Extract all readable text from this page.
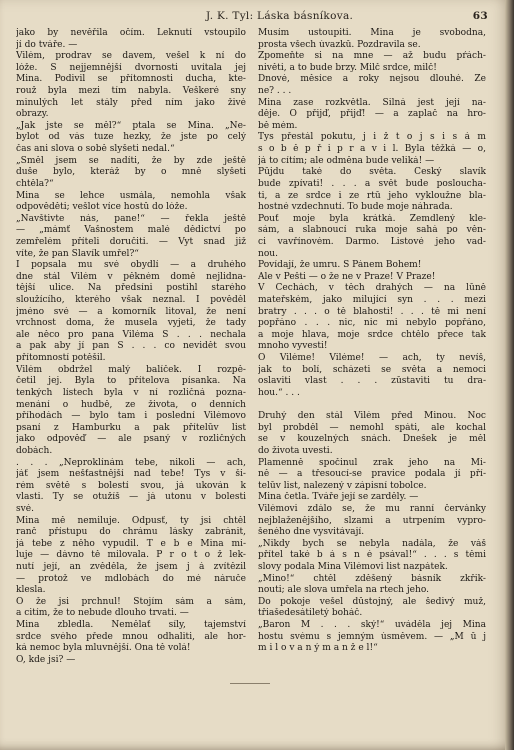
J. K. Tyl: Láska básníkova.	63
jako by nevěřila očím. Leknutí vstoupilo
jí do tváře. —
Vilém, prodrav se davem, vešel k ní do
lóže. S nejjemnější dvornosti uvítala jej
Mina. Podivil se přítomnosti ducha, kte-
rouž byla mezi tím nabyla. Veškeré sny
minulých let stály před ním jako živé
obrazy.
„Jak jste se měl?“ ptala se Mina. „Ne-
bylot od vás tuze hezky, že jste po celý
čas ani slova o sobě slyšeti nedal.“
„Směl jsem se nadíti, že by zde ještě
duše bylo, kteráž by o mně slyšeti
chtěla?“
Mina se lehce usmála, nemohla však
odpověděti; vešlot více hostů do lóže.
„Navštivte nás, pane!“ — řekla ještě
— „mámť Vašnostem malé dědictví po
zemřelém příteli doručiti. — Vyt snad již
víte, že pan Slavík umřel?“
I popsala mu své obydlí — a druhého
dne stál Vilém v pěkném domě nejlidna-
tější ulice. Na předsíni postihl starého
sloužícího, kterého však neznal. I pověděl
jméno své — a komorník litoval, že není
vrchnost doma, že musela vyjeti, že tady
ale něco pro pana Viléma S . . . nechala
a pak aby jí pan S . . . co nevidět svou
přítomností potěšil.
Vilém obdržel malý balíček. I rozpě-
četil jej. Byla to přítelova písanka. Na
tenkých lístech byla v ní rozličná pozna-
menání o hudbě, ze života, o denních
příhodách — bylo tam i poslední Vilémovo
psaní z Hamburku a pak přítelův list
jako odpověď — ale psaný v rozličných
dobách.
. . . „Neproklínám tebe, nikoli — ach,
jáť jsem nešťastnější nad tebe! Tys v ši-
rém světě s bolestí svou, já ukován k
vlasti. Ty se otužíš — já utonu v bolesti
své.
Mina mě nemiluje. Odpusť, ty jsi chtěl
ranč přístupu do chrámu lásky zabránit,
já tebe z něho vypudil. T e b e Mina mi-
luje — dávno tě milovala. P r o t o ž lek-
nutí její, an zvěděla, že jsem j á zvítězil
— protož ve mdlobách do mé náruče
klesla.
O že jsi prchnul! Stojím sám a sám,
a citím, že to nebude dlouho trvati. —
Mina zbledla. Nemělať síly, tajemství
srdce svého přede mnou odhaliti, ale hor-
ká nemoc byla mluvnější. Ona tě volá!
O, kde jsi? —
Musím ustoupiti. Mina je svobodna,
prosta všech úvazků. Pozdravila se.
Zpomeňte si na mne — až budu pŕách-
nivěti, a to bude brzy. Milč srdce, milč!
Dnové, měsíce a roky nejsou dlouhé. Že
ne? . . .
Mina zase rozkvětla. Silná jest její na-
děje. O přijď, přijď! — a zaplač na hro-
bě mém.
Tys přestál pokutu, j i ž t o j s i s á m
s o b ě p ř i p r a v i l. Byla těžká — o,
já to cítím; ale odměna bude veliká! —
Půjdu také do světa. Český slavík
bude zpívati! . . . a svět bude poslouchа-
ti, a ze srdce i ze rtů jeho vykloužne bla-
hostné vzdechnutí. To bude moje náhrada.
Pouť moje byla krátká. Zemdlený kle-
sám, a slabnoucí ruka moje sahá po věn-
ci vavřínovém. Darmo. Listové jeho vad-
nou.
Povídají, že umru. S Pánem Bohem!
Ale v Pešti — o že ne v Praze! V Praze!
V Čechách, v těch drahých — na lůně
mateřském, jako milující syn . . . mezi
bratry . . . o tě blahosti! . . . tě mi není
popřáno . . . nic, nic mi nebylo popřáno,
a moje hlava, moje srdce chtělo přece tak
mnoho vyvesti!
O Viléme! Viléme! — ach, ty nevíš,
jak to bolí, scházeti se světa a nemoci
oslaviti vlast . . . zůstaviti tu dra-
hou.“ . . .
Druhý den stál Vilém před Minou. Noc
byl probděl — nemohl spáti, ale kochal
se v kouzelných snách. Dnešek je měl
do života uvesti.
Plamenně spočinul zrak jeho na Mi-
ně — a třesoucí-se pravice podala jí pří-
telův list, nalezený v zápisní tobolce.
Mina četla. Tváře její se zarděly. —
Vilémovi zdálo se, že mu ranní červánky
nejblaženějšího, slzami a utrpením vypro-
šeného dne vysvitávají.
„Nikdy bych se nebyla nadála, že váš
přítel také b á s n é psával!“ . . . s těmi
slovy podala Mina Vilémovi list nazpátek.
„Mino!“ chtěl zděšený básník zkřik-
nouti; ale slova umřela na rtech jeho.
Do pokoje vešel důstojný, ale šedivý muž,
třiašedesátiletý boháč.
„Baron M . . . ský!“ uváděla jej Mina
hostu svému s jemným úsměvem. — „M ů j
m i l o v a n ý m a n ž e l!“
